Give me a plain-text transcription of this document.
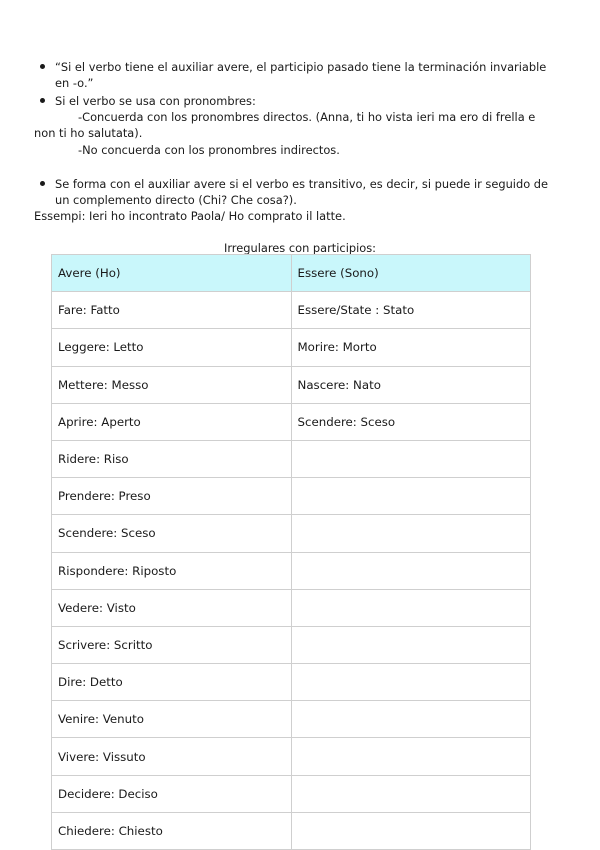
“Si el verbo tiene el auxiliar avere, el participio pasado tiene la terminación invariable
en -o.”
Si el verbo se usa con pronombres:
-Concuerda con los pronombres directos. (Anna, ti ho vista ieri ma ero di frella e
non ti ho salutata).
-No concuerda con los pronombres indirectos.
Se forma con el auxiliar avere si el verbo es transitivo, es decir, si puede ir seguido de
un complemento directo (Chi? Che cosa?).
Essempi: Ieri ho incontrato Paola/ Ho comprato il latte.
Irregulares con participios:
Avere (Ho)	Essere (Sono)
Fare: Fatto	Essere/State : Stato
Leggere: Letto	Morire: Morto
Mettere: Messo	Nascere: Nato
Aprire: Aperto	Scendere: Sceso
Ridere: Riso	
Prendere: Preso	
Scendere: Sceso	
Rispondere: Riposto	
Vedere: Visto	
Scrivere: Scritto	
Dire: Detto	
Venire: Venuto	
Vivere: Vissuto	
Decidere: Deciso	
Chiedere: Chiesto	
